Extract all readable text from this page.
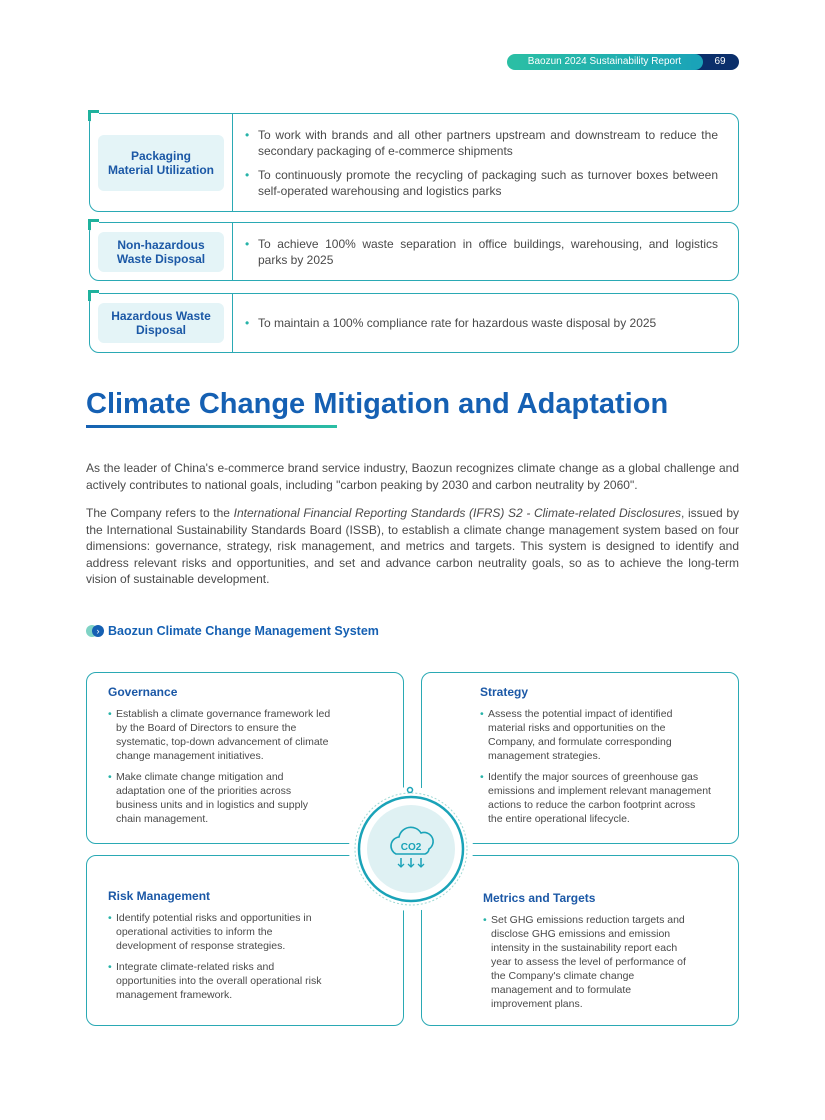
Baozun 2024 Sustainability Report	69
Packaging Material Utilization
• To work with brands and all other partners upstream and downstream to reduce the secondary packaging of e-commerce shipments
• To continuously promote the recycling of packaging such as turnover boxes between self-operated warehousing and logistics parks
Non-hazardous Waste Disposal
• To achieve 100% waste separation in office buildings, warehousing, and logistics parks by 2025
Hazardous Waste Disposal
•	To maintain a 100% compliance rate for hazardous waste disposal by 2025
Climate Change Mitigation and Adaptation
As the leader of China's e-commerce brand service industry, Baozun recognizes climate change as a global challenge and actively contributes to national goals, including "carbon peaking by 2030 and carbon neutrality by 2060".
The Company refers to the International Financial Reporting Standards (IFRS) S2 - Climate-related Disclosures, issued by the International Sustainability Standards Board (ISSB), to establish a climate change management system based on four dimensions: governance, strategy, risk management, and metrics and targets. This system is designed to identify and address relevant risks and opportunities, and set and advance carbon neutrality goals, so as to achieve the long-term vision of sustainable development.
› Baozun Climate Change Management System
Governance
• Establish a climate governance framework led by the Board of Directors to ensure the systematic, top-down advancement of climate change management initiatives.
• Make climate change mitigation and adaptation one of the priorities across business units and in logistics and supply chain management.
Strategy
• Assess the potential impact of identified material risks and opportunities on the Company, and formulate corresponding management strategies.
• Identify the major sources of greenhouse gas emissions and implement relevant management actions to reduce the carbon footprint across the entire operational lifecycle.
Risk Management
• Identify potential risks and opportunities in operational activities to inform the development of response strategies.
• Integrate climate-related risks and opportunities into the overall operational risk management framework.
Metrics and Targets
• Set GHG emissions reduction targets and disclose GHG emissions and emission intensity in the sustainability report each year to assess the level of performance of the Company's climate change management and to formulate improvement plans.
CO2
